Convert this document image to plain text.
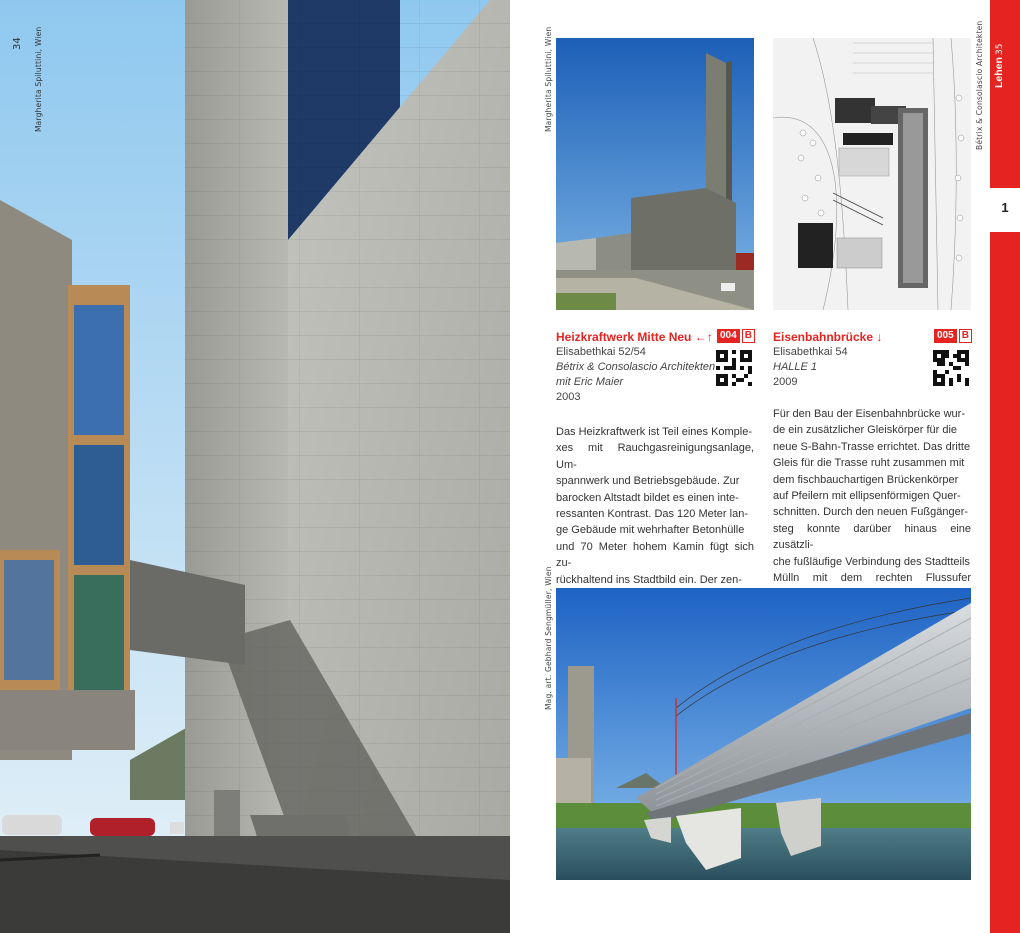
34 Margherita Spiluttini, Wien	Margherita Spiluttini, Wien	Bétrix & Consolascio Architekten
Heizkraftwerk Mitte Neu ←↑ 004 B
Elisabethkai 52/54
Bétrix & Consolascio Architekten
mit Eric Maier
2003
Das Heizkraftwerk ist Teil eines Komple-
xes mit Rauchgasreinigungsanlage, Um-
spannwerk und Betriebsgebäude. Zur
barocken Altstadt bildet es einen inte-
ressanten Kontrast. Das 120 Meter lan-
ge Gebäude mit wehrhafter Betonhülle
und 70 Meter hohem Kamin fügt sich zu-
rückhaltend ins Stadtbild ein. Der zen-
Eisenbahnbrücke ↓	005 B
Elisabethkai 54
HALLE 1
2009
Für den Bau der Eisenbahnbrücke wur-
de ein zusätzlicher Gleiskörper für die
neue S-Bahn-Trasse errichtet. Das dritte
Gleis für die Trasse ruht zusammen mit
dem fischbauchartigen Brückenkörper
auf Pfeilern mit ellipsenförmigen Quer-
schnitten. Durch den neuen Fußgänger-
steg konnte darüber hinaus eine zusätzli-
che fußläufige Verbindung des Stadtteils
Mülln mit dem rechten Flussufer
Mag. art. Gebhard Sengmüller, Wien
35
Lehen
1
